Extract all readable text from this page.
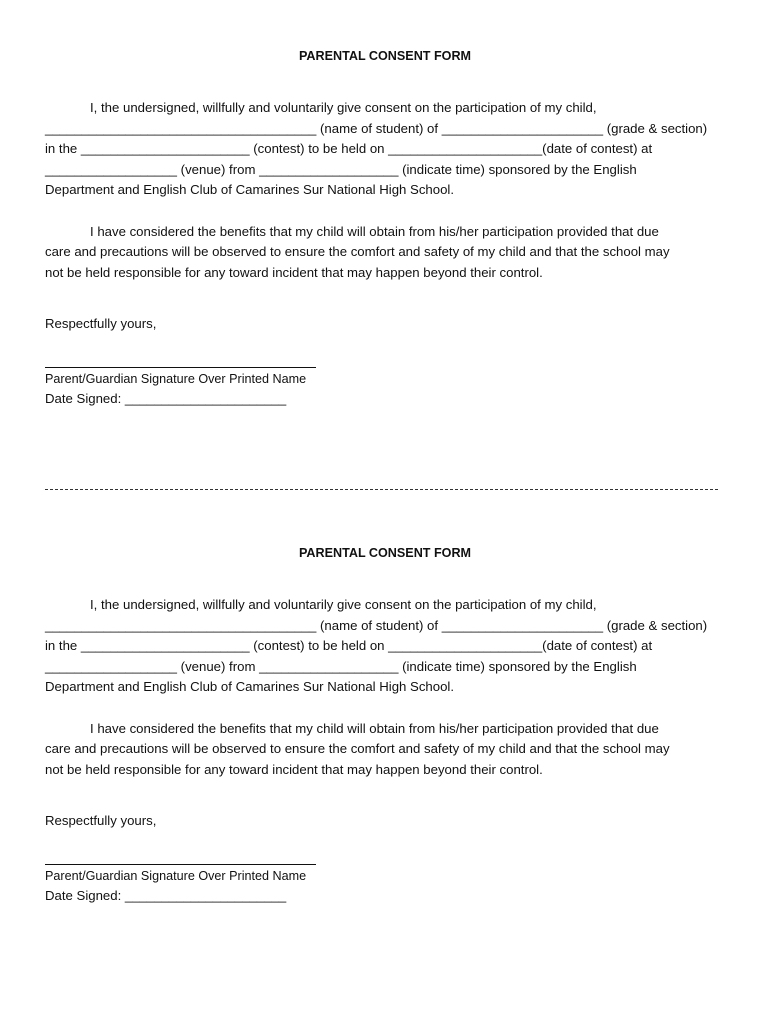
PARENTAL CONSENT FORM
I, the undersigned, willfully and voluntarily give consent on the participation of my child,
_____________________________________ (name of student) of ______________________ (grade & section)
in the _______________________ (contest) to be held on _____________________(date of contest) at
__________________ (venue) from ___________________ (indicate time) sponsored by the English
Department and English Club of Camarines Sur National High School.
I have considered the benefits that my child will obtain from his/her participation provided that due
care and precautions will be observed to ensure the comfort and safety of my child and that the school may
not be held responsible for any toward incident that may happen beyond their control.
Respectfully yours,
Parent/Guardian Signature Over Printed Name
Date Signed: ______________________
PARENTAL CONSENT FORM
I, the undersigned, willfully and voluntarily give consent on the participation of my child,
_____________________________________ (name of student) of ______________________ (grade & section)
in the _______________________ (contest) to be held on _____________________(date of contest) at
__________________ (venue) from ___________________ (indicate time) sponsored by the English
Department and English Club of Camarines Sur National High School.
I have considered the benefits that my child will obtain from his/her participation provided that due
care and precautions will be observed to ensure the comfort and safety of my child and that the school may
not be held responsible for any toward incident that may happen beyond their control.
Respectfully yours,
Parent/Guardian Signature Over Printed Name
Date Signed: ______________________
